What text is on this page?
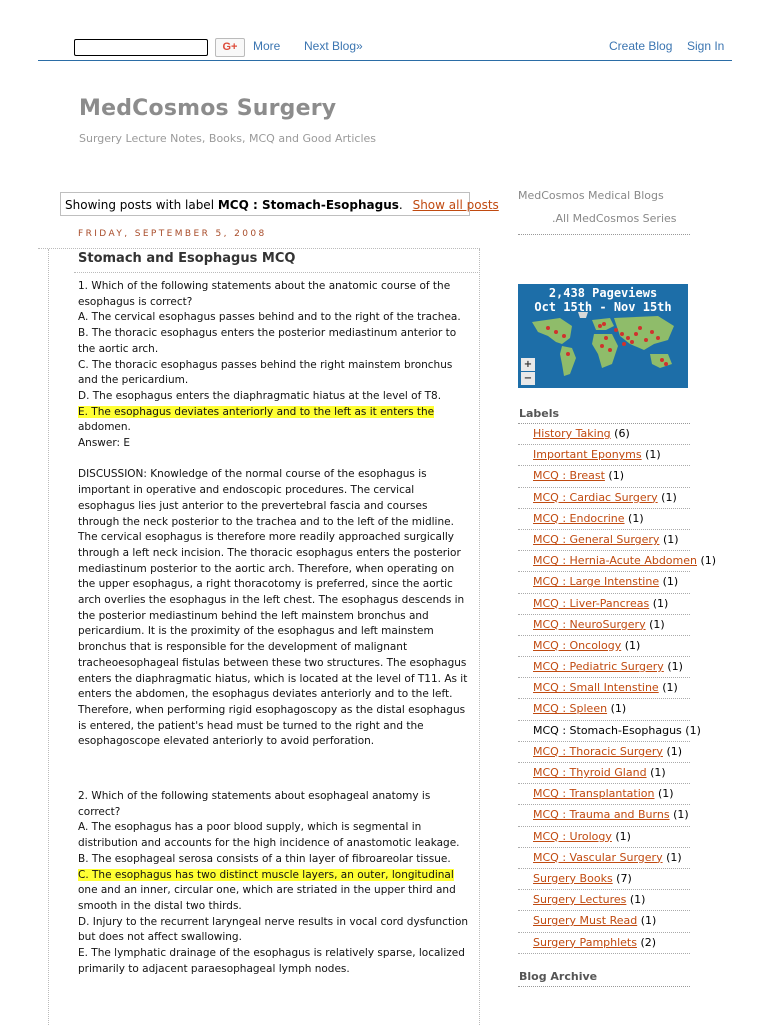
G+	More Next Blog»	Create Blog Sign In
MedCosmos Surgery
Surgery Lecture Notes, Books, MCQ and Good Articles
Showing posts with label MCQ : Stomach-Esophagus. Show all posts
FRIDAY, SEPTEMBER 5, 2008
Stomach and Esophagus MCQ

1. Which of the following statements about the anatomic course of the esophagus is correct?

A. The cervical esophagus passes behind and to the right of the trachea.

B. The thoracic esophagus enters the posterior mediastinum anterior to the aortic arch.

C. The thoracic esophagus passes behind the right mainstem bronchus and the pericardium.

D. The esophagus enters the diaphragmatic hiatus at the level of T8.

E. The esophagus deviates anteriorly and to the left as it enters the

abdomen.

Answer: E

DISCUSSION: Knowledge of the normal course of the esophagus is important in operative and endoscopic procedures. The cervical esophagus lies just anterior to the prevertebral fascia and courses through the neck posterior to the trachea and to the left of the midline. The cervical esophagus is therefore more readily approached surgically through a left neck incision. The thoracic esophagus enters the posterior mediastinum posterior to the aortic arch. Therefore, when operating on the upper esophagus, a right thoracotomy is preferred, since the aortic arch overlies the esophagus in the left chest. The esophagus descends in the posterior mediastinum behind the left mainstem bronchus and pericardium. It is the proximity of the esophagus and left mainstem bronchus that is responsible for the development of malignant tracheoesophageal fistulas between these two structures. The esophagus enters the diaphragmatic hiatus, which is located at the level of T11. As it enters the abdomen, the esophagus deviates anteriorly and to the left. Therefore, when performing rigid esophagoscopy as the distal esophagus is entered, the patient's head must be turned to the right and the esophagoscope elevated anteriorly to avoid perforation.

2. Which of the following statements about esophageal anatomy is correct?

A. The esophagus has a poor blood supply, which is segmental in distribution and accounts for the high incidence of anastomotic leakage.

B. The esophageal serosa consists of a thin layer of fibroareolar tissue.

C. The esophagus has two distinct muscle layers, an outer, longitudinal

one and an inner, circular one, which are striated in the upper third and smooth in the distal two thirds.

D. Injury to the recurrent laryngeal nerve results in vocal cord dysfunction but does not affect swallowing.

E. The lymphatic drainage of the esophagus is relatively sparse, localized primarily to adjacent paraesophageal lymph nodes.

MedCosmos Medical Blogs
.All MedCosmos Series
2,438 Pageviews
Oct 15th - Nov 15th
+
−
Labels
History Taking (6)
Important Eponyms (1)
MCQ : Breast (1)
MCQ : Cardiac Surgery (1)
MCQ : Endocrine (1)
MCQ : General Surgery (1)
MCQ : Hernia-Acute Abdomen (1)
MCQ : Large Intenstine (1)
MCQ : Liver-Pancreas (1)
MCQ : NeuroSurgery (1)
MCQ : Oncology (1)
MCQ : Pediatric Surgery (1)
MCQ : Small Intenstine (1)
MCQ : Spleen (1)
MCQ : Stomach-Esophagus (1)
MCQ : Thoracic Surgery (1)
MCQ : Thyroid Gland (1)
MCQ : Transplantation (1)
MCQ : Trauma and Burns (1)
MCQ : Urology (1)
MCQ : Vascular Surgery (1)
Surgery Books (7)
Surgery Lectures (1)
Surgery Must Read (1)
Surgery Pamphlets (2)
Blog Archive
